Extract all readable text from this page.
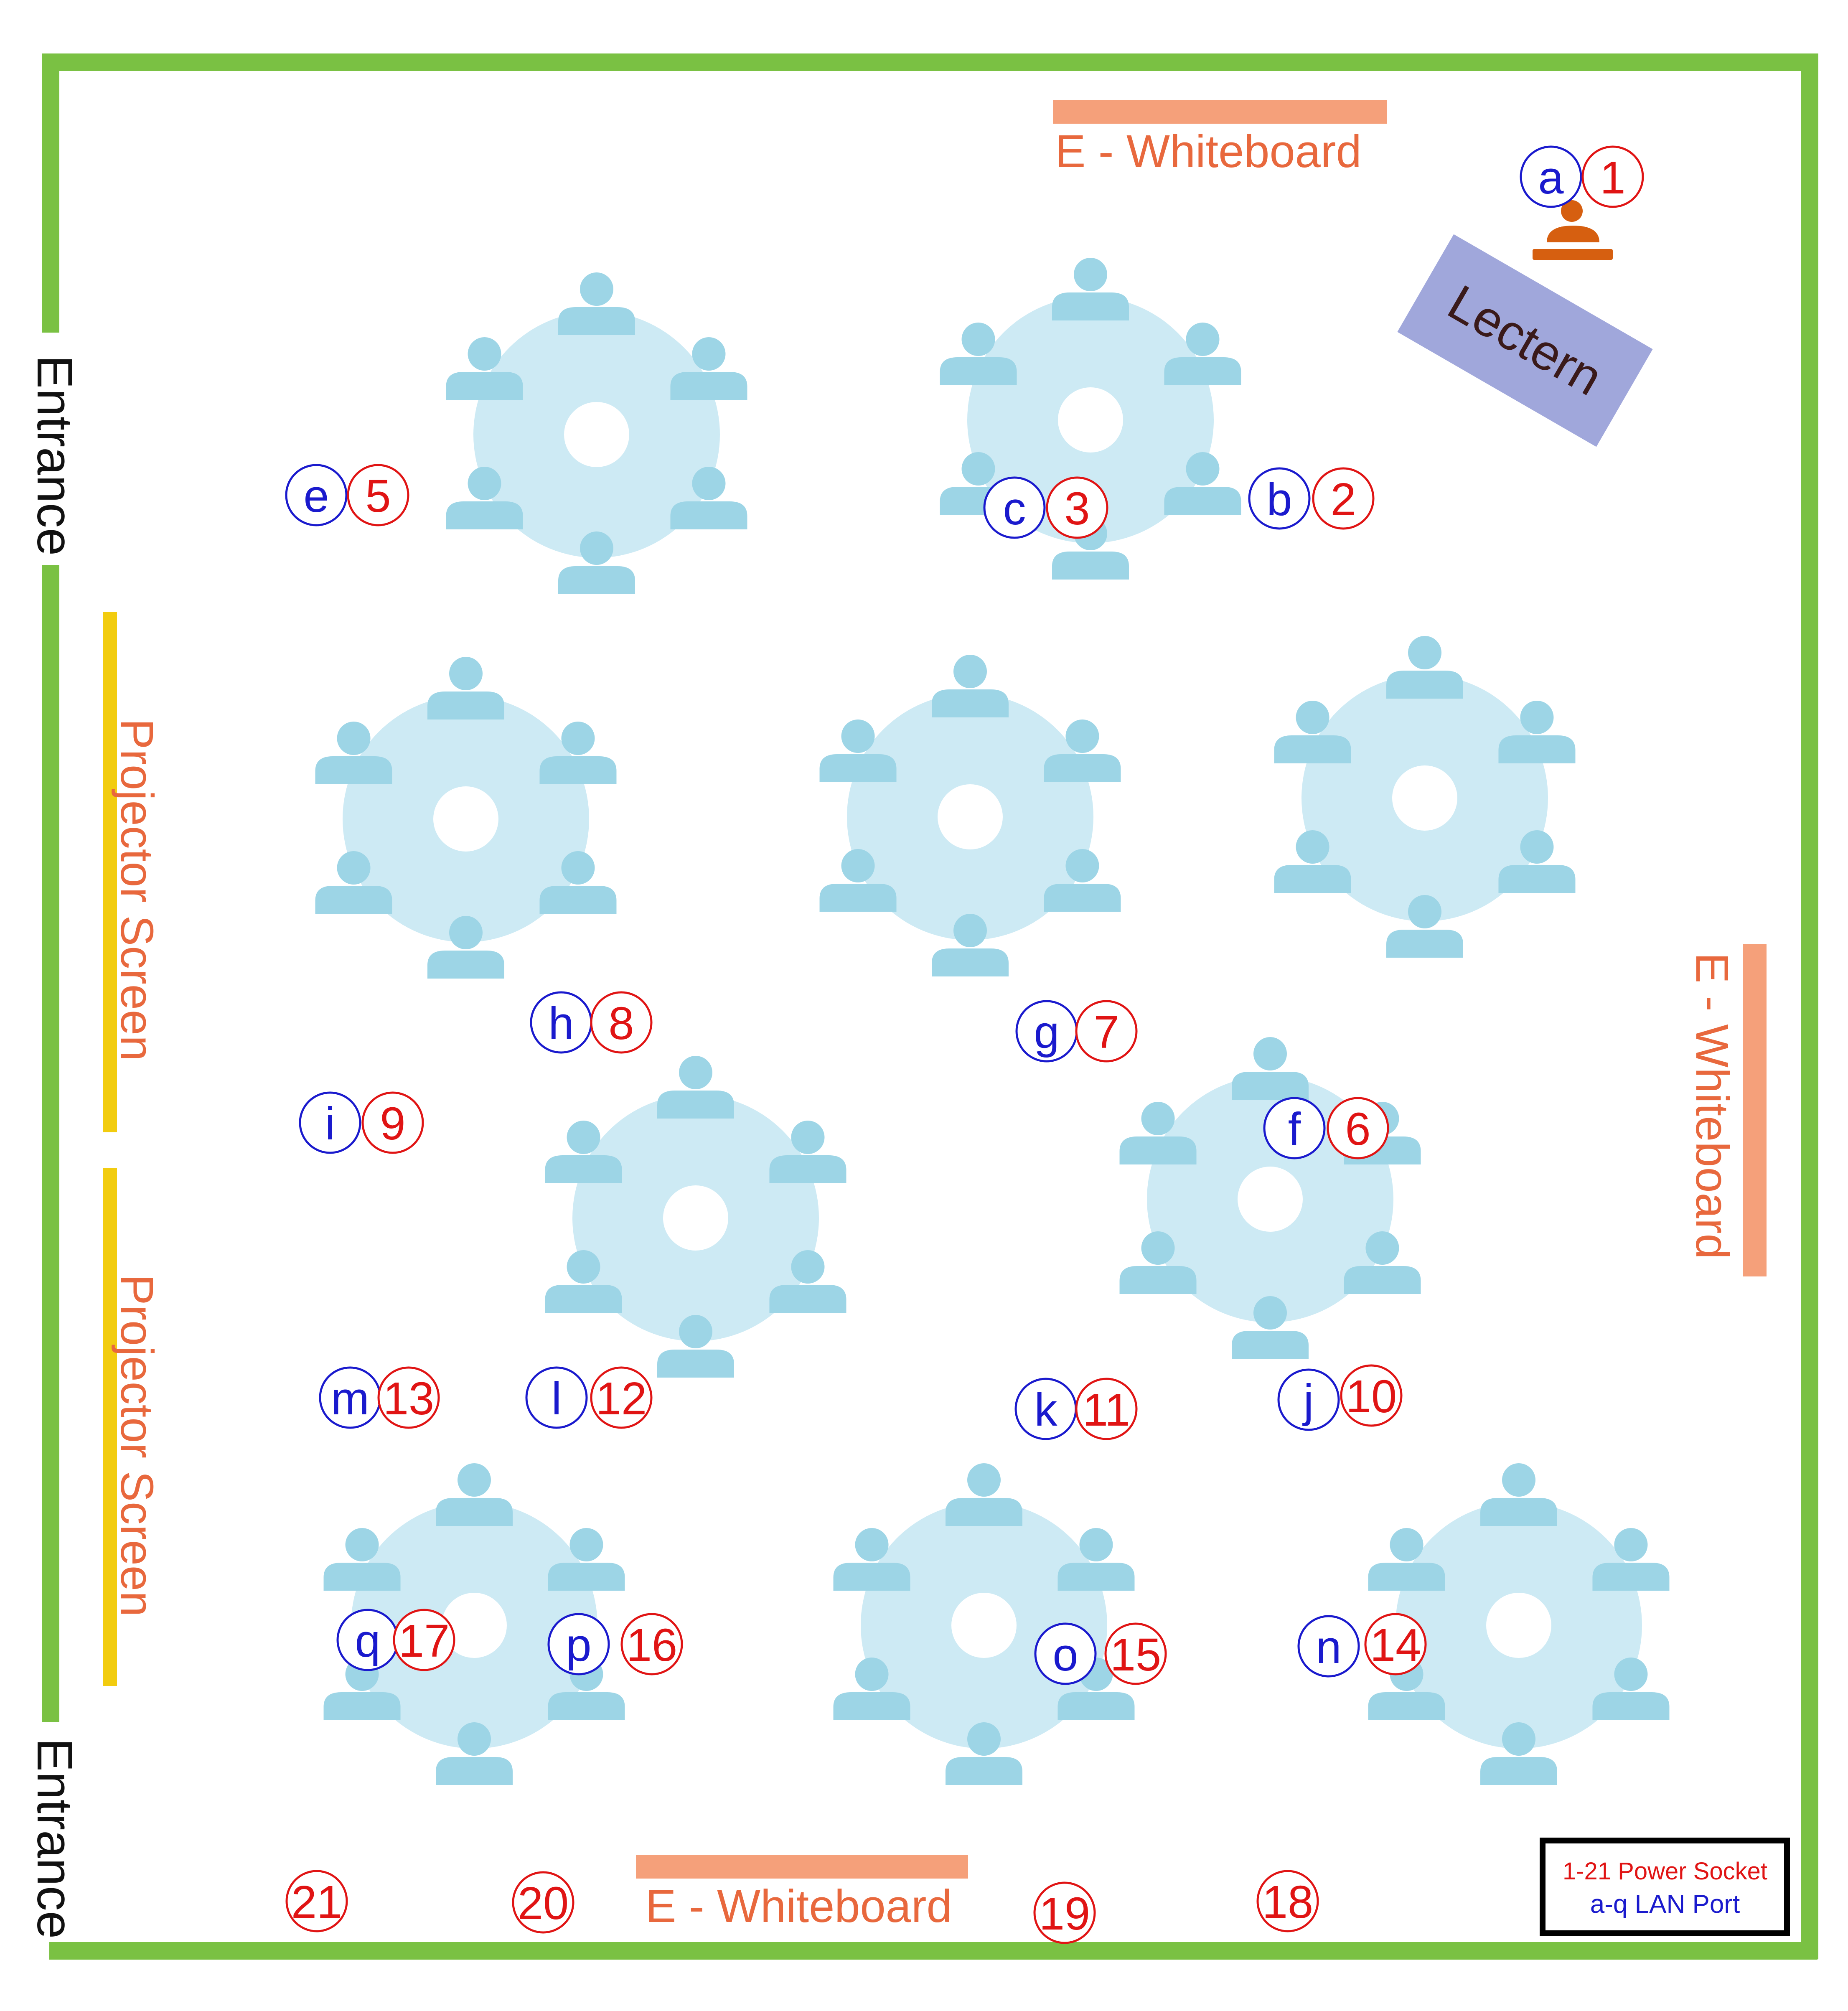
Entrance
Entrance
E - Whiteboard
E - Whiteboard
E - Whiteboard
Projector Screen
Projector Screen
Lectern
a
b
c
e
f
g
h
i
j
k
l
m
n
o
p
q
1
2
3
5
6
7
8
9
10
11
12
13
14
15
16
17
18
19
20
21
1-21 Power Socket
a-q LAN Port
